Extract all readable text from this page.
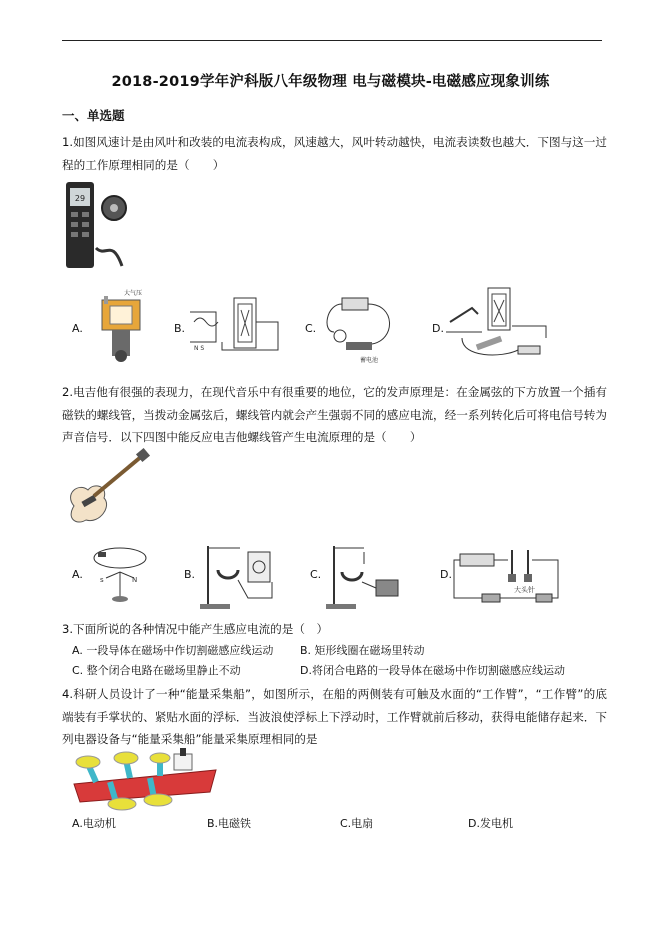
2018-2019学年沪科版八年级物理 电与磁模块-电磁感应现象训练
一、单选题
1.如图风速计是由风叶和改装的电流表构成，风速越大，风叶转动越快，电流表读数也越大．下图与这一过程的工作原理相同的是（　　）
29
A.
大气压
B.
N S
C.
蓄电池
D.
2.电吉他有很强的表现力，在现代音乐中有很重要的地位，它的发声原理是：在金属弦的下方放置一个插有磁铁的螺线管，当拨动金属弦后，螺线管内就会产生强弱不同的感应电流，经一系列转化后可将电信号转为声音信号．以下四图中能反应电吉他螺线管产生电流原理的是（　　）
A. s	N	B.	C.	D.
大头针
3.下面所说的各种情况中能产生感应电流的是（　）
A. 一段导体在磁场中作切割磁感应线运动 B. 矩形线圈在磁场里转动
C. 整个闭合电路在磁场里静止不动	D.将闭合电路的一段导体在磁场中作切割磁感应线运动
4.科研人员设计了一种“能量采集船”，如图所示，在船的两侧装有可触及水面的“工作臂”，“工作臂”的底端装有手掌状的、紧贴水面的浮标．当波浪使浮标上下浮动时，工作臂就前后移动，获得电能储存起来．下列电器设备与“能量采集船”能量采集原理相同的是
A.电动机	B.电磁铁	C.电扇	D.发电机
